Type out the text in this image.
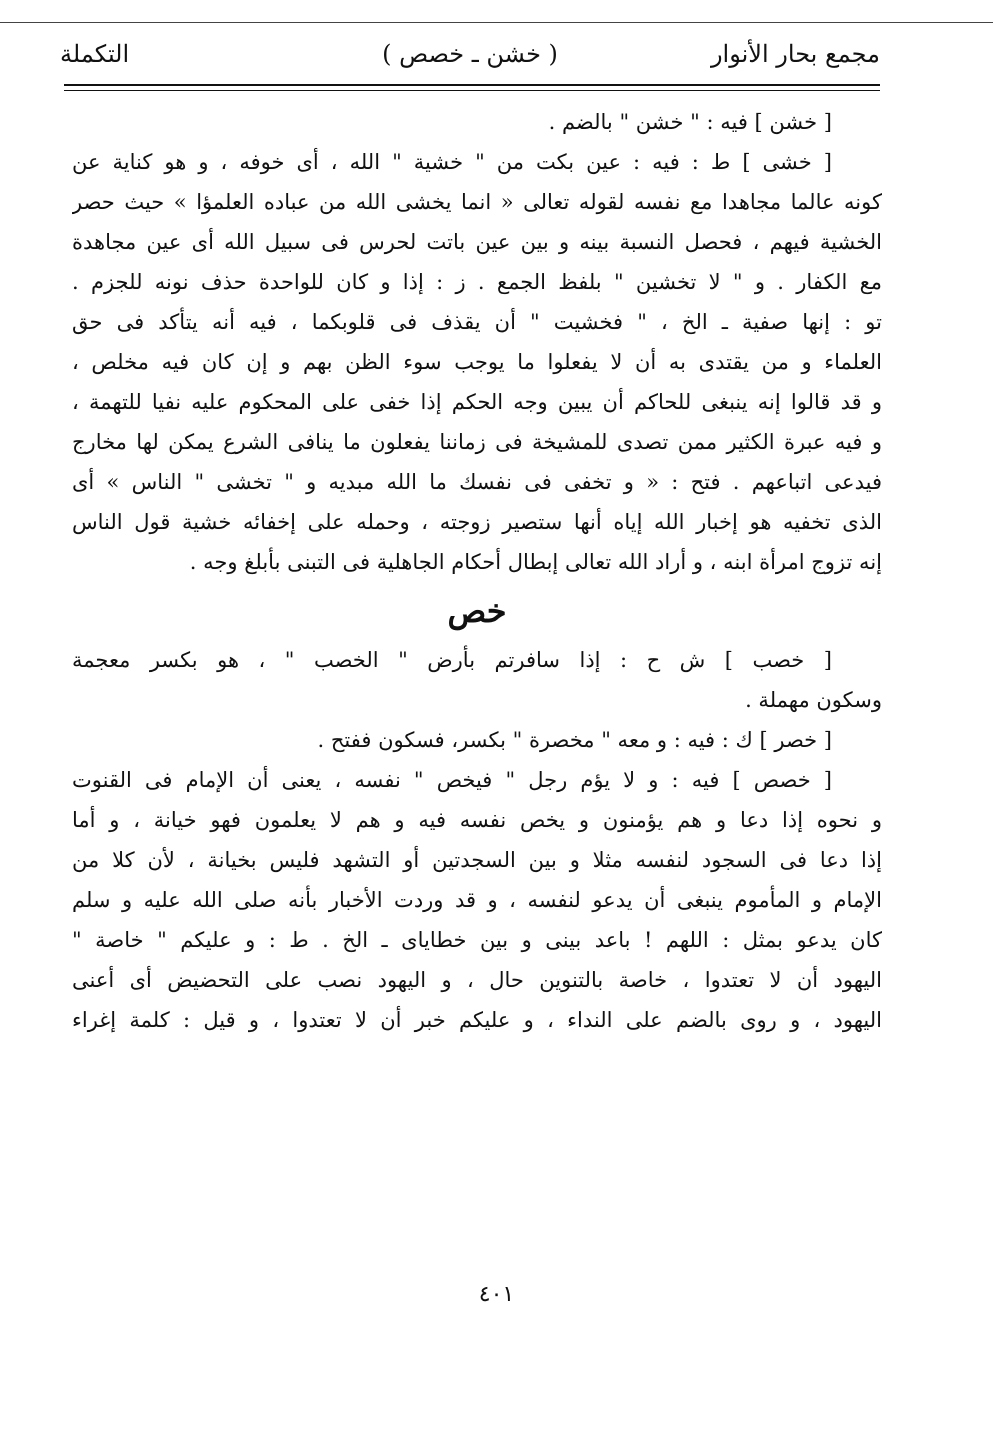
مجمع بحار الأنوار
( خشن ـ خصص )
التكملة
[ خشن ] فيه : " خشن " بالضم .
[ خشى ] ط : فيه : عين بكت من " خشية " الله ، أى خوفه ، و هو كناية عن
كونه عالما مجاهدا مع نفسه لقوله تعالى « انما يخشى الله من عباده العلمؤا » حيث حصر
الخشية فيهم ، فحصل النسبة بينه و بين عين باتت لحرس فى سبيل الله أى عين مجاهدة
مع الكفار . و " لا تخشين " بلفظ الجمع . ز : إذا و كان للواحدة حذف نونه للجزم .
تو : إنها صفية ـ الخ ، " فخشيت " أن يقذف فى قلوبكما ، فيه أنه يتأكد فى حق
العلماء و من يقتدى به أن لا يفعلوا ما يوجب سوء الظن بهم و إن كان فيه مخلص ،
و قد قالوا إنه ينبغى للحاكم أن يبين وجه الحكم إذا خفى على المحكوم عليه نفيا للتهمة ،
و فيه عبرة الكثير ممن تصدى للمشيخة فى زماننا يفعلون ما ينافى الشرع يمكن لها مخارج
فيدعى اتباعهم . فتح : « و تخفى فى نفسك ما الله مبديه و " تخشى " الناس » أى
الذى تخفيه هو إخبار الله إياه أنها ستصير زوجته ، وحمله على إخفائه خشية قول الناس
إنه تزوج امرأة ابنه ، و أراد الله تعالى إبطال أحكام الجاهلية فى التبنى بأبلغ وجه .
خص
[ خصب ] ش ح : إذا سافرتم بأرض " الخصب " ، هو بكسر معجمة
وسكون مهملة .
[ خصر ] ك : فيه : و معه " مخصرة " بكسر، فسكون ففتح .
[ خصص ] فيه : و لا يؤم رجل " فيخص " نفسه ، يعنى أن الإمام فى القنوت
و نحوه إذا دعا و هم يؤمنون و يخص نفسه فيه و هم لا يعلمون فهو خيانة ، و أما
إذا دعا فى السجود لنفسه مثلا و بين السجدتين أو التشهد فليس بخيانة ، لأن كلا من
الإمام و المأموم ينبغى أن يدعو لنفسه ، و قد وردت الأخبار بأنه صلى الله عليه و سلم
كان يدعو بمثل : اللهم ! باعد بينى و بين خطاياى ـ الخ . ط : و عليكم " خاصة "
اليهود أن لا تعتدوا ، خاصة بالتنوين حال ، و اليهود نصب على التحضيض أى أعنى
اليهود ، و روى بالضم على النداء ، و عليكم خبر أن لا تعتدوا ، و قيل : كلمة إغراء
٤٠١
